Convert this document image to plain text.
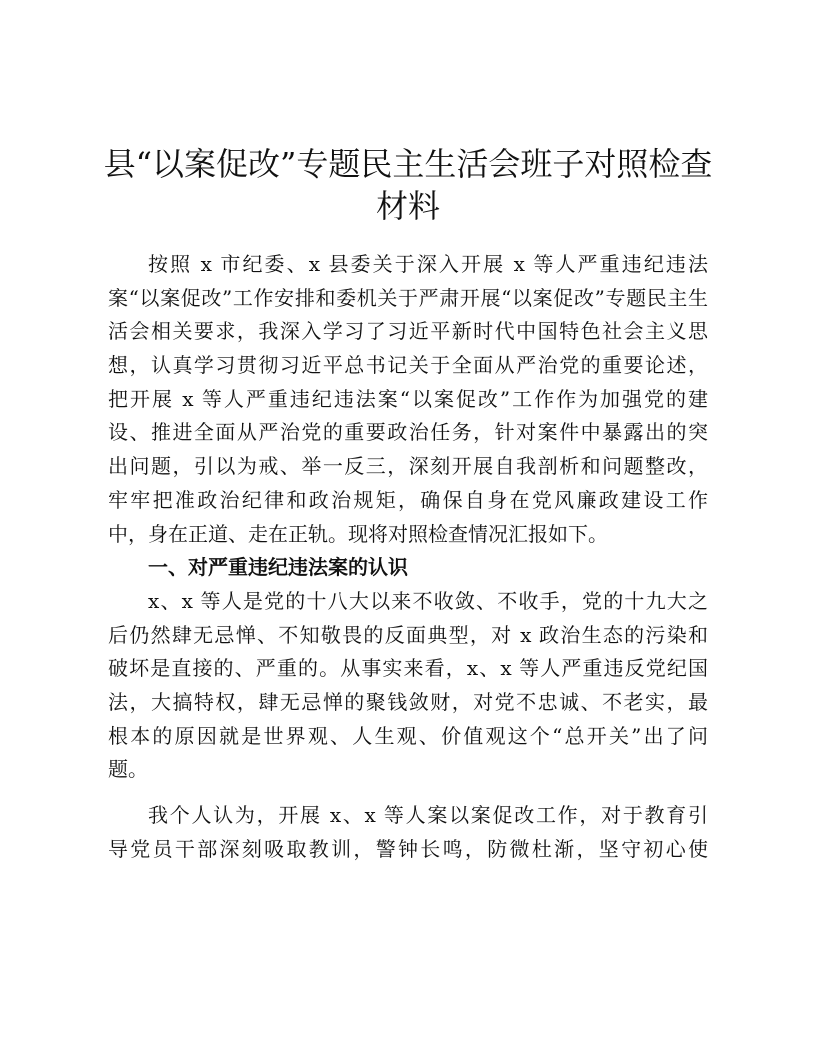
县“以案促改”专题民主生活会班子对照检查
材料
按照 x 市纪委、x 县委关于深入开展 x 等人严重违纪违法
案“以案促改”工作安排和委机关于严肃开展“以案促改”专题民主生
活会相关要求，我深入学习了习近平新时代中国特色社会主义思
想，认真学习贯彻习近平总书记关于全面从严治党的重要论述，
把开展 x 等人严重违纪违法案“以案促改”工作作为加强党的建
设、推进全面从严治党的重要政治任务，针对案件中暴露出的突
出问题，引以为戒、举一反三，深刻开展自我剖析和问题整改，
牢牢把准政治纪律和政治规矩，确保自身在党风廉政建设工作
中，身在正道、走在正轨。现将对照检查情况汇报如下。
一、对严重违纪违法案的认识
x、x 等人是党的十八大以来不收敛、不收手，党的十九大之
后仍然肆无忌惮、不知敬畏的反面典型，对 x 政治生态的污染和
破坏是直接的、严重的。从事实来看，x、x 等人严重违反党纪国
法，大搞特权，肆无忌惮的聚钱敛财，对党不忠诚、不老实，最
根本的原因就是世界观、人生观、价值观这个“总开关”出了问
题。
我个人认为，开展 x、x 等人案以案促改工作，对于教育引
导党员干部深刻吸取教训，警钟长鸣，防微杜渐，坚守初心使
